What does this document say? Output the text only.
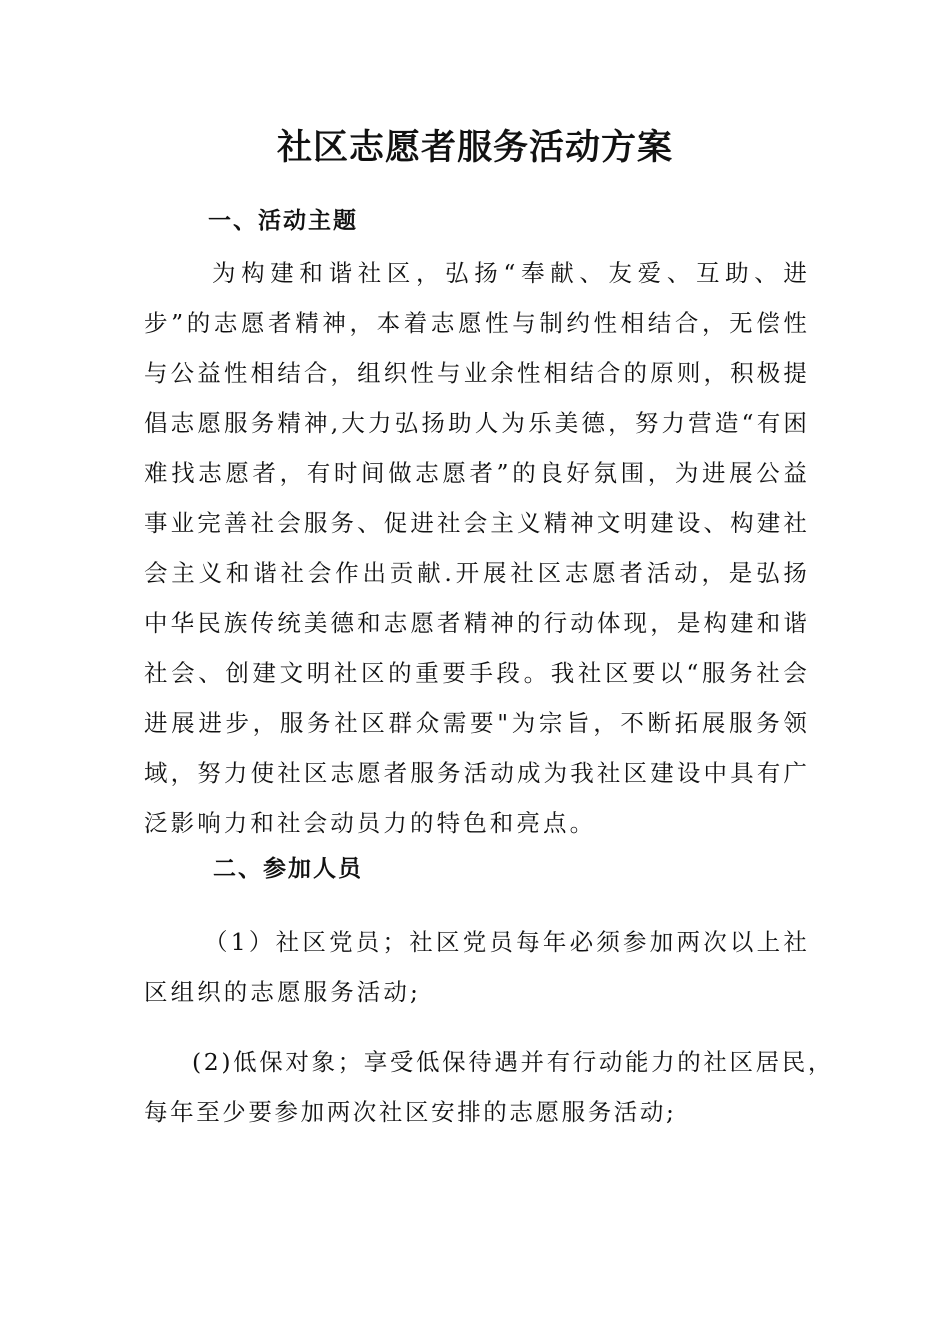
社区志愿者服务活动方案
一、活动主题
为构建和谐社区，弘扬“奉献、友爱、互助、进步”的志愿者精神，本着志愿性与制约性相结合，无偿性与公益性相结合，组织性与业余性相结合的原则，积极提倡志愿服务精神,大力弘扬助人为乐美德，努力营造“有困难找志愿者，有时间做志愿者”的良好氛围，为进展公益事业完善社会服务、促进社会主义精神文明建设、构建社会主义和谐社会作出贡献.开展社区志愿者活动，是弘扬中华民族传统美德和志愿者精神的行动体现，是构建和谐社会、创建文明社区的重要手段。我社区要以“服务社会进展进步，服务社区群众需要"为宗旨，不断拓展服务领域，努力使社区志愿者服务活动成为我社区建设中具有广泛影响力和社会动员力的特色和亮点。
二、参加人员
（1）社区党员；社区党员每年必须参加两次以上社区组织的志愿服务活动;
(2)低保对象；享受低保待遇并有行动能力的社区居民，每年至少要参加两次社区安排的志愿服务活动;
